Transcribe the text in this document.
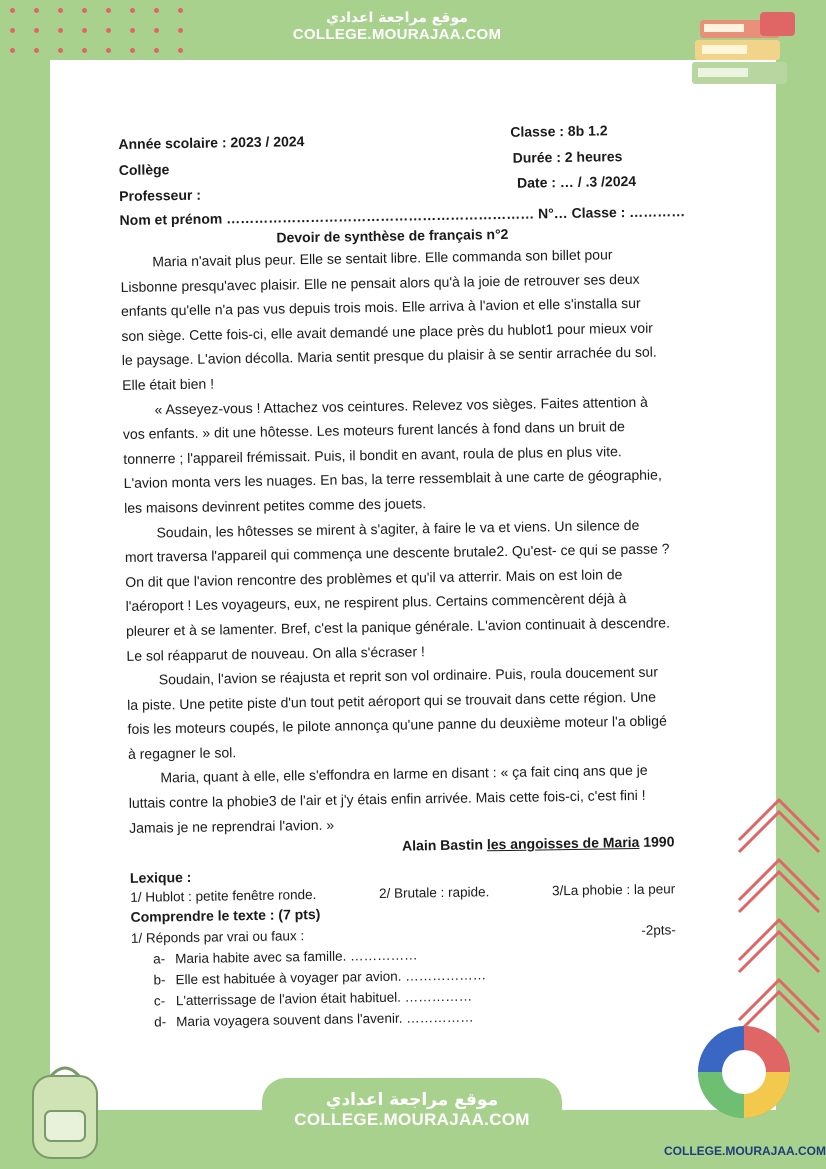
موقع مراجعة اعدادي
COLLEGE.MOURAJAA.COM
Année scolaire : 2023 / 2024
Collège
Professeur :
Nom et prénom ………………………………………………………… N°… Classe : …………
Classe : 8b 1.2
Durée : 2 heures
Date : … / .3 /2024
Devoir de synthèse de français n°2

Maria n'avait plus peur. Elle se sentait libre. Elle commanda son billet pour Lisbonne presqu'avec plaisir. Elle ne pensait alors qu'à la joie de retrouver ses deux enfants qu'elle n'a pas vus depuis trois mois. Elle arriva à l'avion et elle s'installa sur son siège. Cette fois-ci, elle avait demandé une place près du hublot1 pour mieux voir le paysage. L'avion décolla. Maria sentit presque du plaisir à se sentir arrachée du sol. Elle était bien !

« Asseyez-vous ! Attachez vos ceintures. Relevez vos sièges. Faites attention à vos enfants. » dit une hôtesse. Les moteurs furent lancés à fond dans un bruit de tonnerre ; l'appareil frémissait. Puis, il bondit en avant, roula de plus en plus vite. L'avion monta vers les nuages. En bas, la terre ressemblait à une carte de géographie, les maisons devinrent petites comme des jouets.

Soudain, les hôtesses se mirent à s'agiter, à faire le va et viens. Un silence de mort traversa l'appareil qui commença une descente brutale2. Qu'est- ce qui se passe ? On dit que l'avion rencontre des problèmes et qu'il va atterrir. Mais on est loin de l'aéroport ! Les voyageurs, eux, ne respirent plus. Certains commencèrent déjà à pleurer et à se lamenter. Bref, c'est la panique générale. L'avion continuait à descendre. Le sol réapparut de nouveau. On alla s'écraser !

Soudain, l'avion se réajusta et reprit son vol ordinaire. Puis, roula doucement sur la piste. Une petite piste d'un tout petit aéroport qui se trouvait dans cette région. Une fois les moteurs coupés, le pilote annonça qu'une panne du deuxième moteur l'a obligé à regagner le sol.

Maria, quant à elle, elle s'effondra en larme en disant : « ça fait cinq ans que je luttais contre la phobie3 de l'air et j'y étais enfin arrivée. Mais cette fois-ci, c'est fini ! Jamais je ne reprendrai l'avion. »

Alain Bastin les angoisses de Maria 1990
Lexique :
1/ Hublot : petite fenêtre ronde.	2/ Brutale : rapide.	3/La phobie : la peur
Comprendre le texte : (7 pts)
1/ Réponds par vrai ou faux :	-2pts-
a- Maria habite avec sa famille. ……………
b- Elle est habituée à voyager par avion. ………………
c- L'atterrissage de l'avion était habituel. ……………
d- Maria voyagera souvent dans l'avenir. ……………
COLLEGE.MOURAJAA.COM
موقع مراجعة اعدادي
COLLEGE.MOURAJAA.COM
